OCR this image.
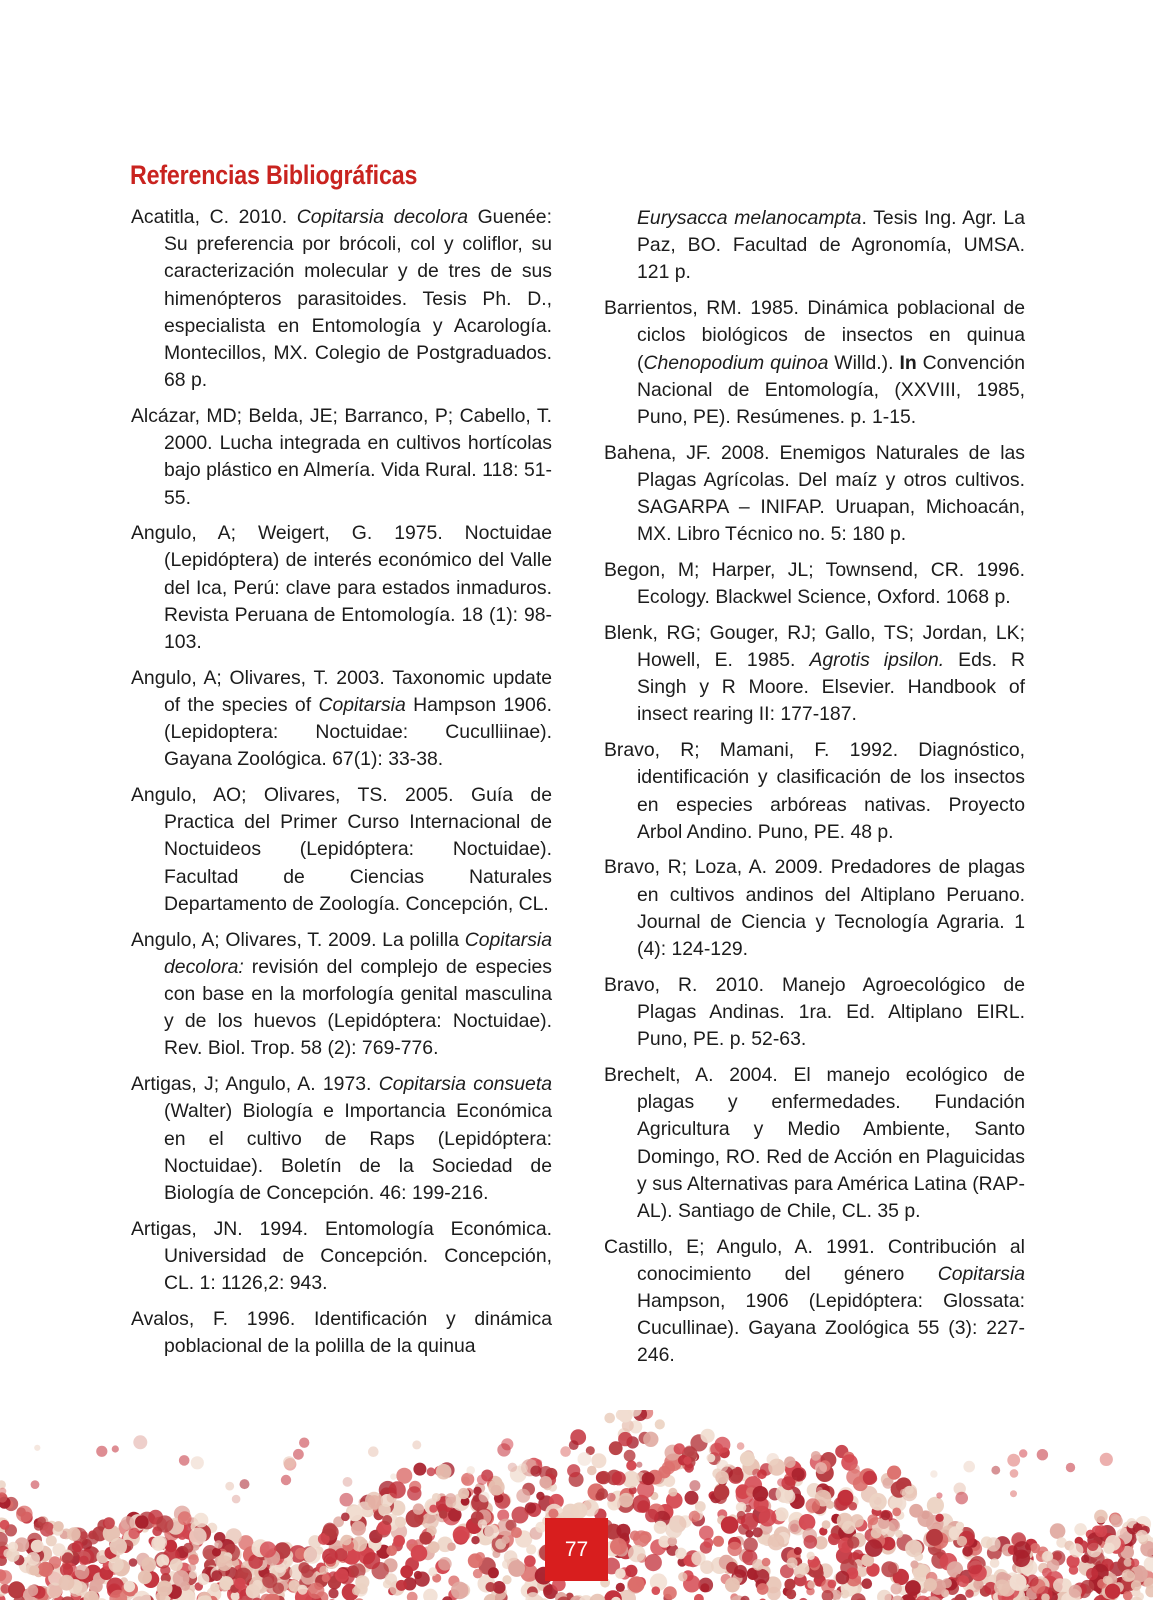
Referencias Bibliográficas

Acatitla, C. 2010. Copitarsia decolora Guenée: Su preferencia por brócoli, col y coliflor, su caracterización molecular y de tres de sus himenópteros parasitoides. Tesis Ph. D., especialista en Entomología y Acarología. Montecillos, MX. Colegio de Postgraduados. 68 p.

Alcázar, MD; Belda, JE; Barranco, P; Cabello, T. 2000. Lucha integrada en cultivos hortícolas bajo plástico en Almería. Vida Rural. 118: 51-55.

Angulo, A; Weigert, G. 1975. Noctuidae (Lepidóptera) de interés económico del Valle del Ica, Perú: clave para estados inmaduros. Revista Peruana de Entomología. 18 (1): 98-103.

Angulo, A; Olivares, T. 2003. Taxonomic update of the species of Copitarsia Hampson 1906. (Lepidoptera: Noctuidae: Cuculliinae). Gayana Zoológica. 67(1): 33-38.

Angulo, AO; Olivares, TS. 2005. Guía de Practica del Primer Curso Internacional de Noctuideos (Lepidóptera: Noctuidae). Facultad de Ciencias Naturales Departamento de Zoología. Concepción, CL.

Angulo, A; Olivares, T. 2009. La polilla Copitarsia decolora: revisión del complejo de especies con base en la morfología genital masculina y de los huevos (Lepidóptera: Noctuidae). Rev. Biol. Trop. 58 (2): 769-776.

Artigas, J; Angulo, A. 1973. Copitarsia consueta (Walter) Biología e Importancia Económica en el cultivo de Raps (Lepidóptera: Noctuidae). Boletín de la Sociedad de Biología de Concepción. 46: 199-216.

Artigas, JN. 1994. Entomología Económica. Universidad de Concepción. Concepción, CL. 1: 1126,2: 943.

Avalos, F. 1996. Identificación y dinámica poblacional de la polilla de la quinua

Eurysacca melanocampta. Tesis Ing. Agr. La Paz, BO. Facultad de Agronomía, UMSA. 121 p.

Barrientos, RM. 1985. Dinámica poblacional de ciclos biológicos de insectos en quinua (Chenopodium quinoa Willd.). In Convención Nacional de Entomología, (XXVIII, 1985, Puno, PE). Resúmenes. p. 1-15.

Bahena, JF. 2008. Enemigos Naturales de las Plagas Agrícolas. Del maíz y otros cultivos. SAGARPA – INIFAP. Uruapan, Michoacán, MX. Libro Técnico no. 5: 180 p.

Begon, M; Harper, JL; Townsend, CR. 1996. Ecology. Blackwel Science, Oxford. 1068 p.

Blenk, RG; Gouger, RJ; Gallo, TS; Jordan, LK; Howell, E. 1985. Agrotis ipsilon. Eds. R Singh y R Moore. Elsevier. Handbook of insect rearing II: 177-187.

Bravo, R; Mamani, F. 1992. Diagnóstico, identificación y clasificación de los insectos en especies arbóreas nativas. Proyecto Arbol Andino. Puno, PE. 48 p.

Bravo, R; Loza, A. 2009. Predadores de plagas en cultivos andinos del Altiplano Peruano. Journal de Ciencia y Tecnología Agraria. 1 (4): 124-129.

Bravo, R. 2010. Manejo Agroecológico de Plagas Andinas. 1ra. Ed. Altiplano EIRL. Puno, PE. p. 52-63.

Brechelt, A. 2004. El manejo ecológico de plagas y enfermedades. Fundación Agricultura y Medio Ambiente, Santo Domingo, RO. Red de Acción en Plaguicidas y sus Alternativas para América Latina (RAP-AL). Santiago de Chile, CL. 35 p.

Castillo, E; Angulo, A. 1991. Contribución al conocimiento del género Copitarsia Hampson, 1906 (Lepidóptera: Glossata: Cucullinae). Gayana Zoológica 55 (3): 227-246.

77
